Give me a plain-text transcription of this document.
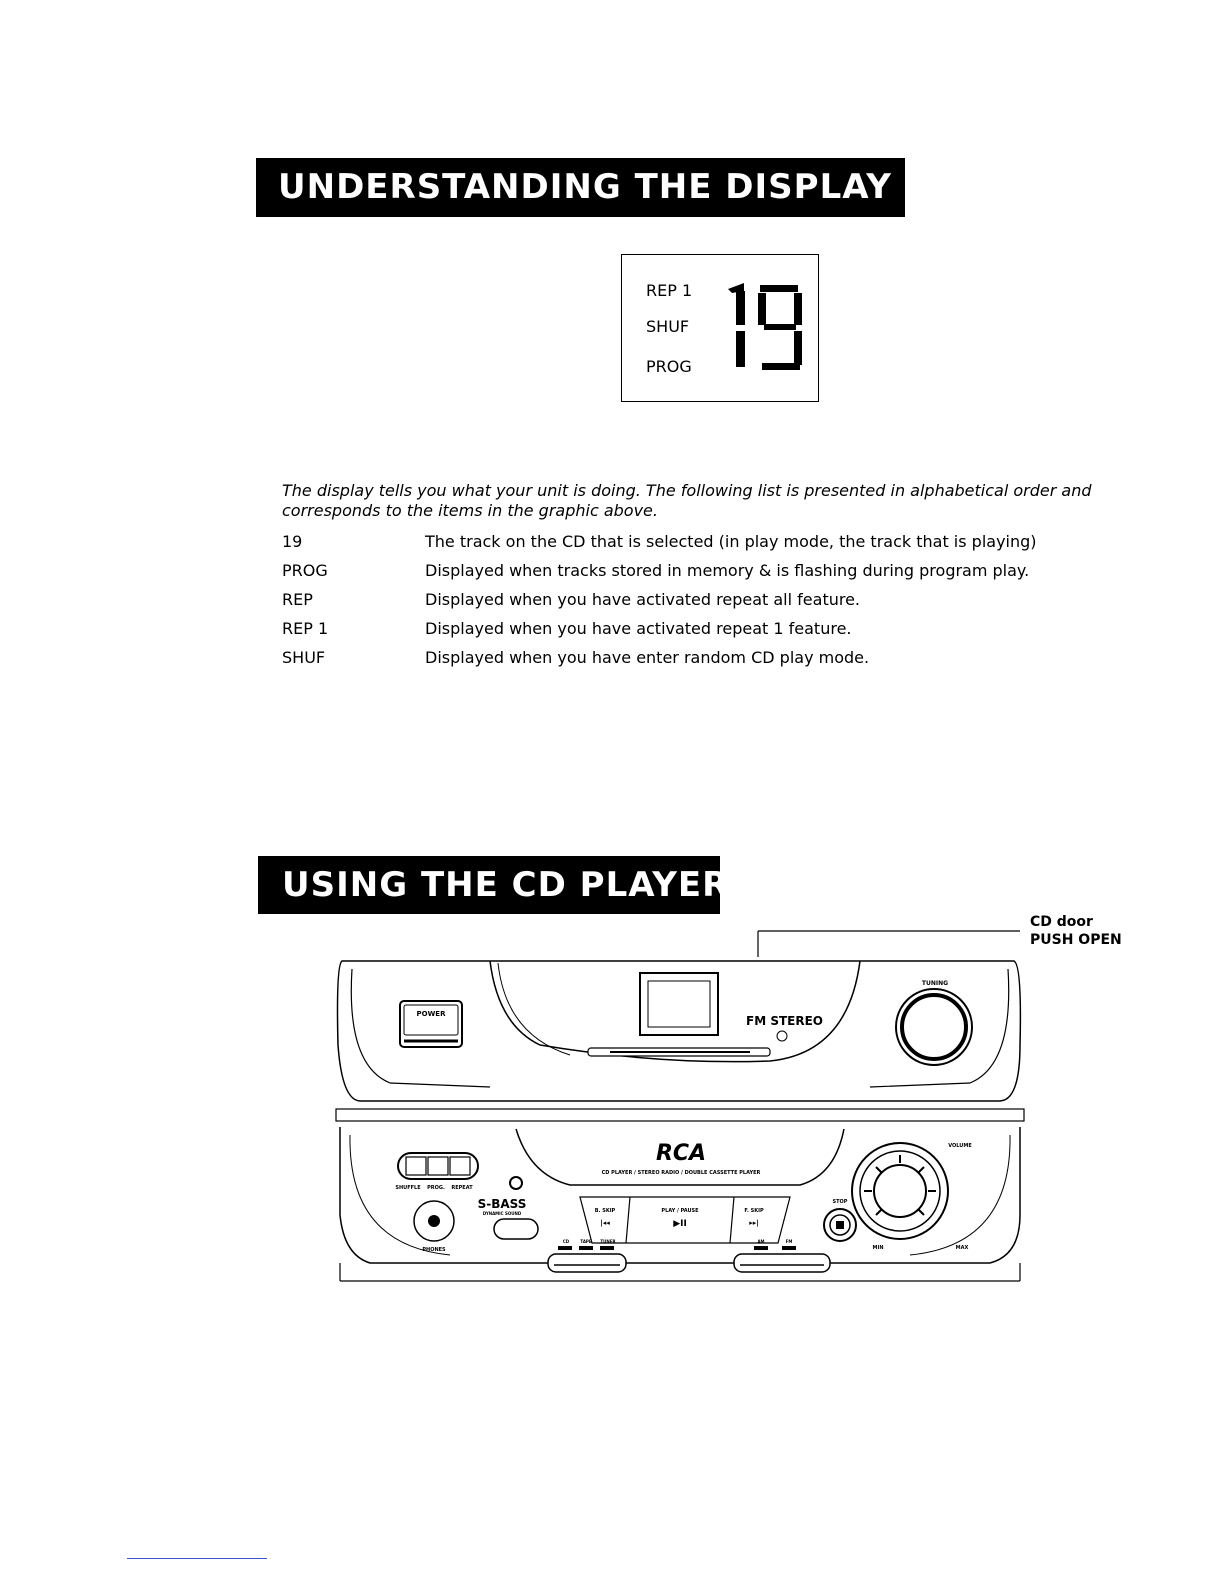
UNDERSTANDING THE DISPLAY
REP 1
SHUF
PROG
The display tells you what your unit is doing. The following list is presented in alphabetical order and corresponds to the items in the graphic above.
19	The track on the CD that is selected (in play mode, the track that is playing)
PROG	Displayed when tracks stored in memory & is flashing during program play.
REP	Displayed when you have activated repeat all feature.
REP 1	Displayed when you have activated repeat 1 feature.
SHUF	Displayed when you have enter random CD play mode.
USING THE CD PLAYER
CD door
PUSH OPEN
POWER	FM STEREO
TUNING
RCA
CD PLAYER / STEREO RADIO / DOUBLE CASSETTE PLAYER
SHUFFLE PROG. REPEAT
S-BASS
DYNAMIC SOUND
PHONES
B. SKIP
|◂◂
PLAY / PAUSE
▶II
F. SKIP
▸▸|
STOP
VOLUME
MIN	MAX
CD	TAPE TUNER	AM	FM
